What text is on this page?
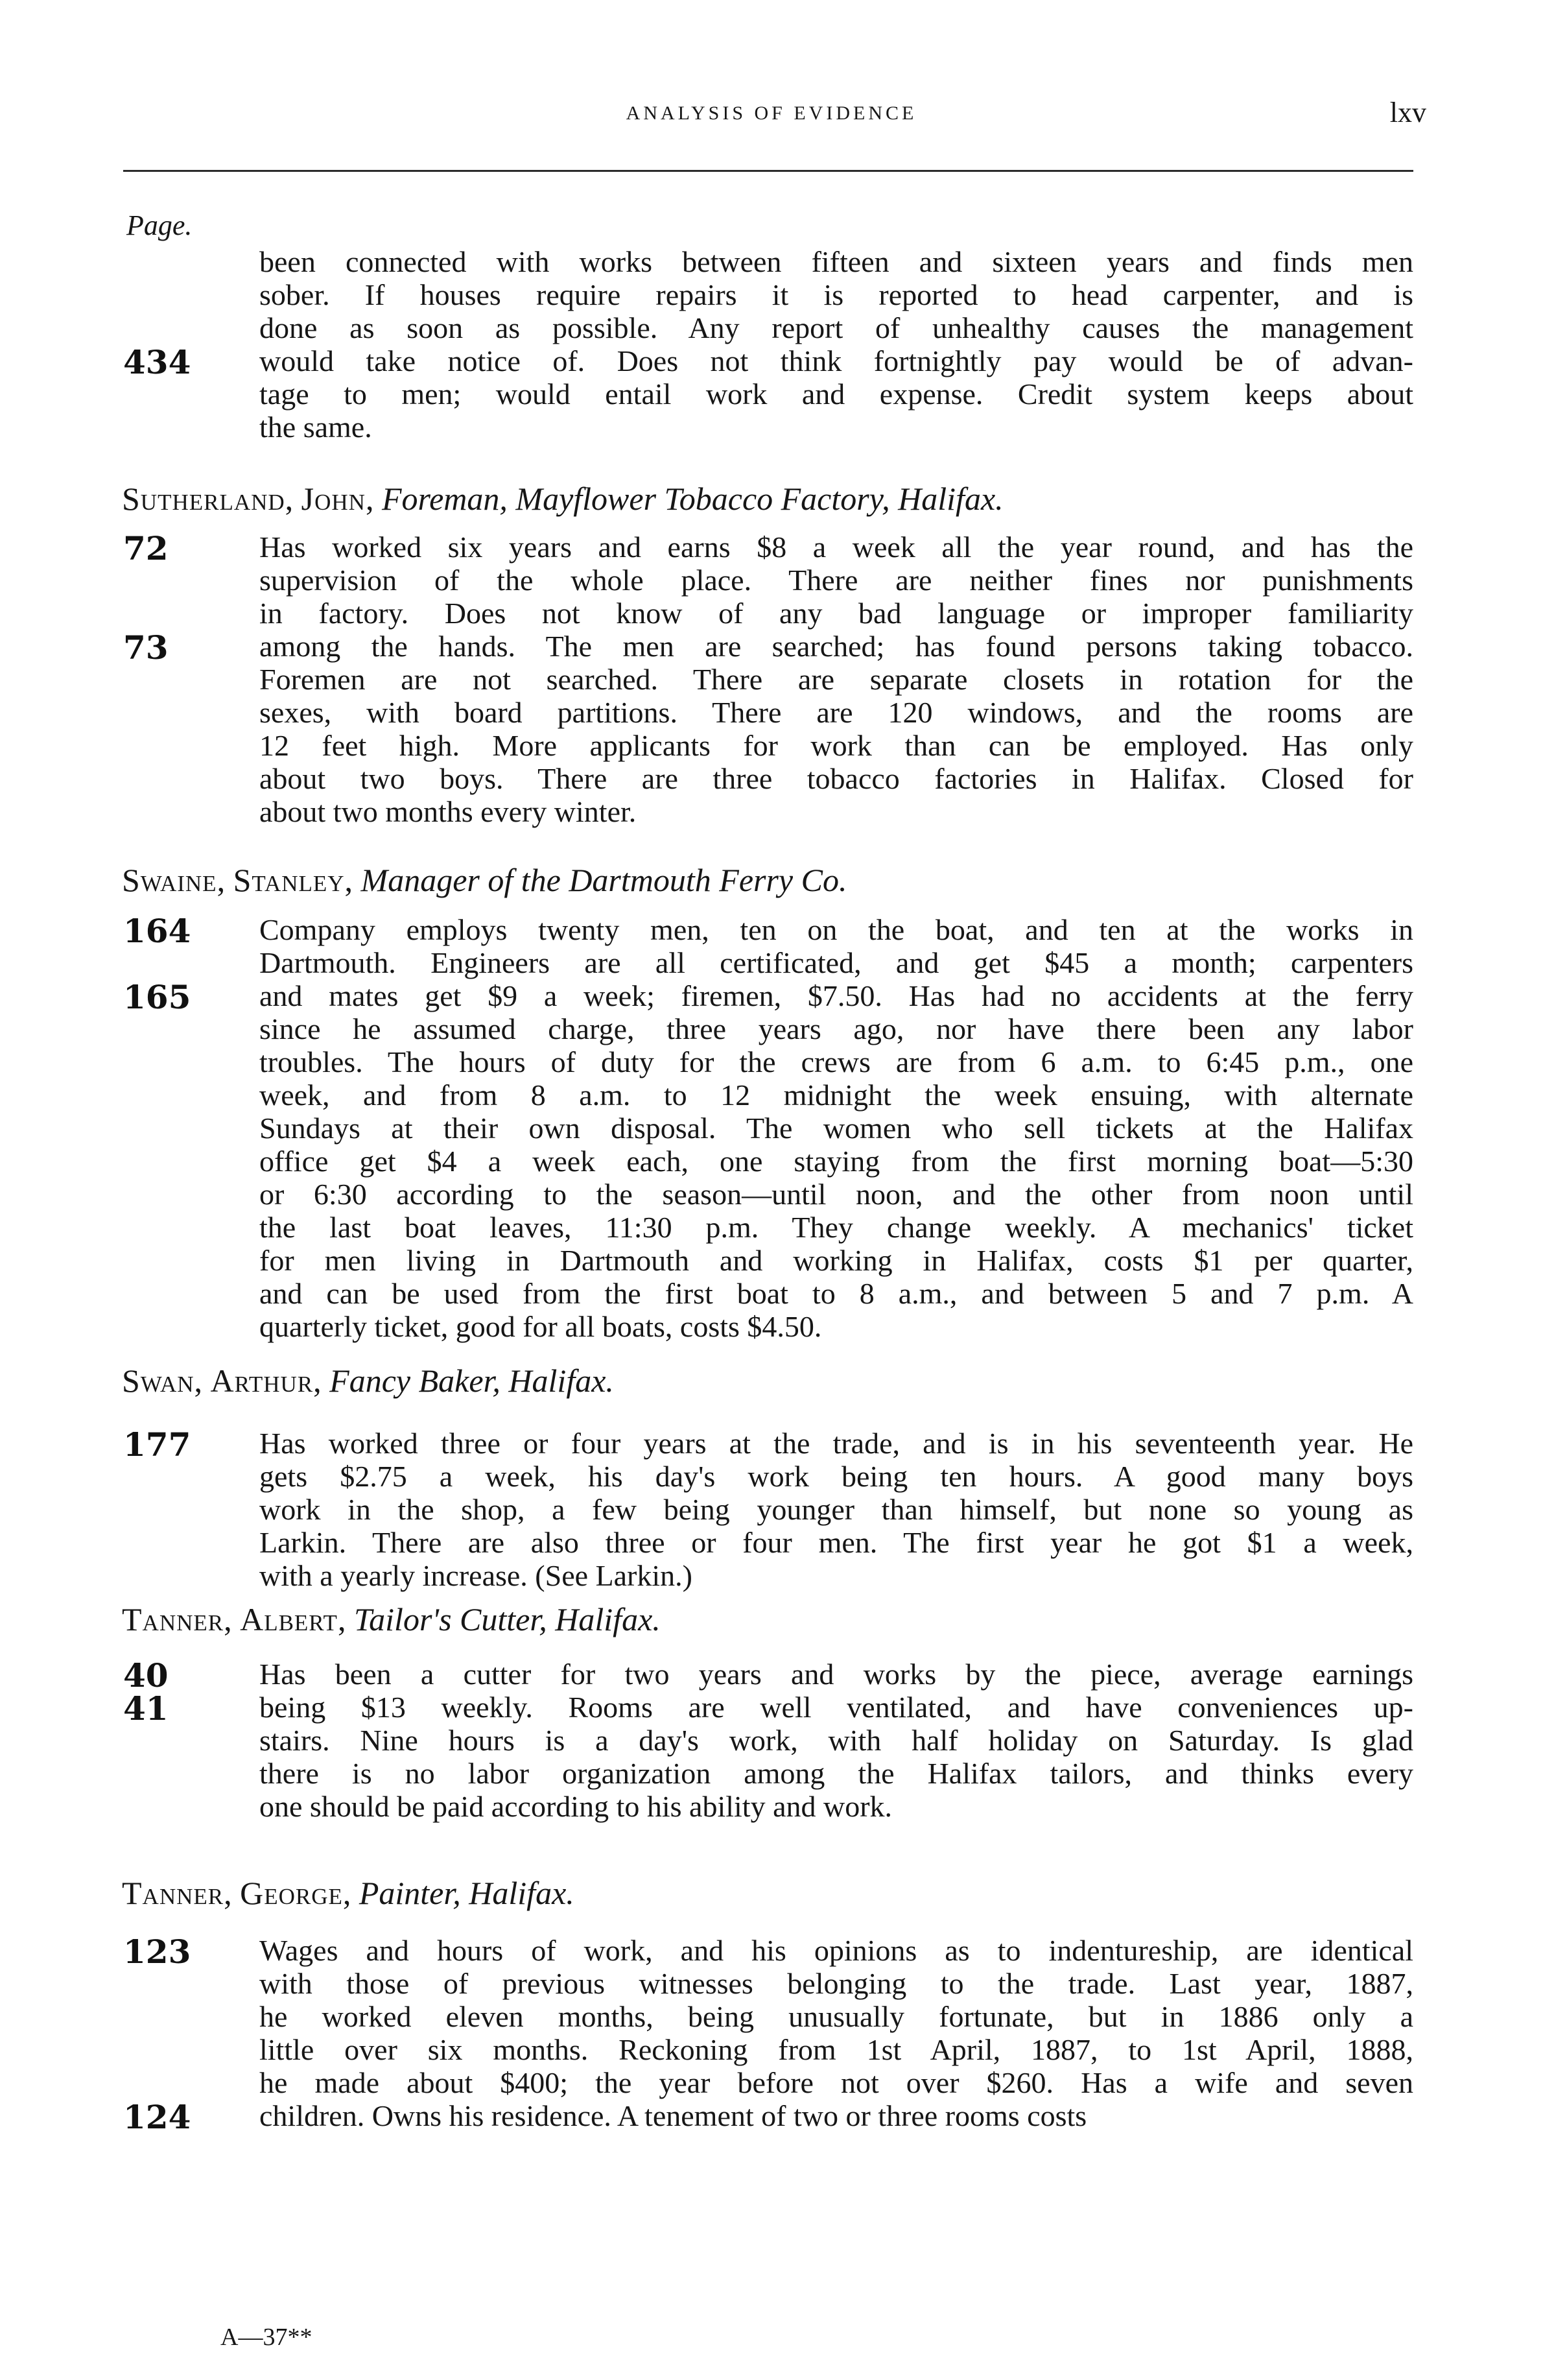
ANALYSIS OF EVIDENCE	lxv
Page.
been connected with works between fifteen and sixteen years and finds men
sober. If houses require repairs it is reported to head carpenter, and is
done as soon as possible. Any report of unhealthy causes the management
would take notice of. Does not think fortnightly pay would be of advan-
tage to men; would entail work and expense. Credit system keeps about
the same.
434
Sutherland, John, Foreman, Mayflower Tobacco Factory, Halifax.
Has worked six years and earns $8 a week all the year round, and has the
supervision of the whole place. There are neither fines nor punishments
in factory. Does not know of any bad language or improper familiarity
among the hands. The men are searched; has found persons taking tobacco.
Foremen are not searched. There are separate closets in rotation for the
sexes, with board partitions. There are 120 windows, and the rooms are
12 feet high. More applicants for work than can be employed. Has only
about two boys. There are three tobacco factories in Halifax. Closed for
about two months every winter.
72
73
Swaine, Stanley, Manager of the Dartmouth Ferry Co.
Company employs twenty men, ten on the boat, and ten at the works in
Dartmouth. Engineers are all certificated, and get $45 a month; carpenters
and mates get $9 a week; firemen, $7.50. Has had no accidents at the ferry
since he assumed charge, three years ago, nor have there been any labor
troubles. The hours of duty for the crews are from 6 a.m. to 6:45 p.m., one
week, and from 8 a.m. to 12 midnight the week ensuing, with alternate
Sundays at their own disposal. The women who sell tickets at the Halifax
office get $4 a week each, one staying from the first morning boat—5:30
or 6:30 according to the season—until noon, and the other from noon until
the last boat leaves, 11:30 p.m. They change weekly. A mechanics' ticket
for men living in Dartmouth and working in Halifax, costs $1 per quarter,
and can be used from the first boat to 8 a.m., and between 5 and 7 p.m. A
quarterly ticket, good for all boats, costs $4.50.
164
165
Swan, Arthur, Fancy Baker, Halifax.
Has worked three or four years at the trade, and is in his seventeenth year. He
gets $2.75 a week, his day's work being ten hours. A good many boys
work in the shop, a few being younger than himself, but none so young as
Larkin. There are also three or four men. The first year he got $1 a week,
with a yearly increase. (See Larkin.)
177
Tanner, Albert, Tailor's Cutter, Halifax.
Has been a cutter for two years and works by the piece, average earnings
being $13 weekly. Rooms are well ventilated, and have conveniences up-
stairs. Nine hours is a day's work, with half holiday on Saturday. Is glad
there is no labor organization among the Halifax tailors, and thinks every
one should be paid according to his ability and work.
40
41
Tanner, George, Painter, Halifax.
Wages and hours of work, and his opinions as to indentureship, are identical
with those of previous witnesses belonging to the trade. Last year, 1887,
he worked eleven months, being unusually fortunate, but in 1886 only a
little over six months. Reckoning from 1st April, 1887, to 1st April, 1888,
he made about $400; the year before not over $260. Has a wife and seven
children. Owns his residence. A tenement of two or three rooms costs
123
124
A—37**
